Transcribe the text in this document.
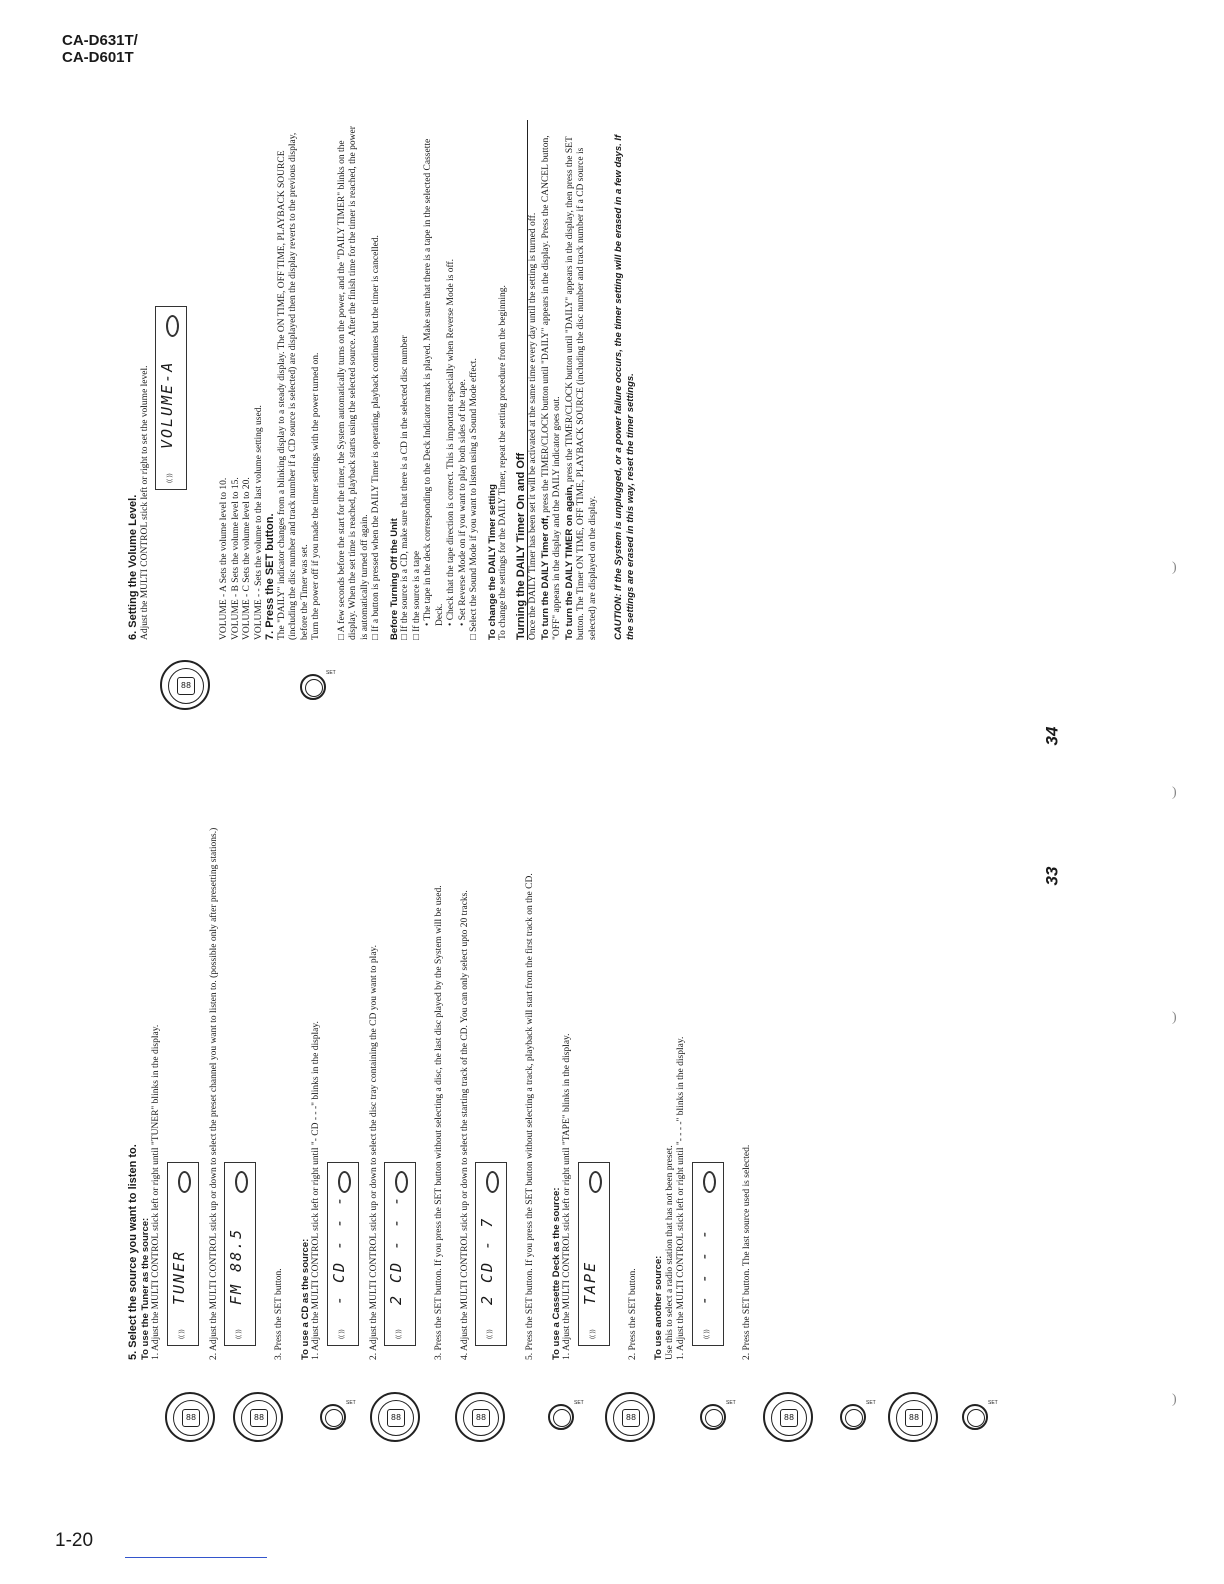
CA-D631T/
CA-D601T

5. Select the source you want to listen to. To use the Tuner as the source: 1. Adjust the MULTI CONTROL stick left or right until "TUNER" blinks in the display.	(( ))
TUNER 2. Adjust the MULTI CONTROL stick up or down to select the preset channel you want to listen to. (possible only after presetting stations.)	(( ))
FM 88.5

3. Press the SET button. To use a CD as the source: 1. Adjust the MULTI CONTROL stick left or right until "- CD - - -" blinks in the display.	(( ))
- CD - - - 2. Adjust the MULTI CONTROL stick up or down to select the disc tray containing the CD you want to play.	(( ))
2 CD - - -	3. Press the SET button. If you press the SET button without selecting a disc, the last disc played by the System will be used. 4. Adjust the MULTI CONTROL stick up or down to select the starting track of the CD. You can only select upto 20 tracks.	(( ))
2 CD - 7	5. Press the SET button. If you press the SET button without selecting a track, playback will start from the first track on the CD. To use a Cassette Deck as the source: 1. Adjust the MULTI CONTROL stick left or right until "TAPE" blinks in the display.	(( ))
TAPE	2. Press the SET button. To use another source: Use this to select a radio station that has not been preset. 1. Adjust the MULTI CONTROL stick left or right until "- - - -" blinks in the display.	(( ))
- - - -	2. Press the SET button. The last source used is selected.

6. Setting the Volume Level. Adjust the MULTI CONTROL stick left or right to set the volume level.	(( ))
VOLUME-A

VOLUME - A Sets the volume level to 10. VOLUME - B Sets the volume level to 15. VOLUME - C Sets the volume level to 20. VOLUME - - Sets the volume to the last volume setting used. 7. Press the SET button. The "DAILY" indicator changes from a blinking display to a steady display. The ON TIME, OFF TIME, PLAYBACK SOURCE (including the disc number and track number if a CD source is selected) are displayed then the display reverts to the previous display, before the Timer was set. Turn the power off if you made the timer settings with the power turned on. □ A few seconds before the start for the timer, the System automatically turns on the power, and the "DAILY TIMER" blinks on the display. When the set time is reached, playback starts using the selected source. After the finish time for the timer is reached, the power is automatically turned off again. □ If a button is pressed when the DAILY Timer is operating, playback continues but the timer is cancelled. Before Turning Off the Unit □ If the source is a CD, make sure that there is a CD in the selected disc number

□ If the source is a tape • The tape in the deck corresponding to the Deck Indicator mark is played. Make sure that there is a tape in the selected Cassette Deck. • Check that the tape direction is correct. This is important especially when Reverse Mode is off.

• Set Reverse Mode on if you want to play both sides of the tape.

□ Select the Sound Mode if you want to listen using a Sound Mode effect. To change the DAILY Timer setting To change the settings for the DAILY Timer, repeat the setting procedure from the beginning. Turning the DAILY Timer On and Off Once the DAILY Timer has been set it will be activated at the same time every day until the setting is turned off. To turn the DAILY Timer off, press the TIMER/CLOCK button until "DAILY" appears in the display. Press the CANCEL button, "OFF" appears in the display and the DAILY indicator goes out. To turn the DAILY TIMER on again, press the TIMER/CLOCK button until "DAILY" appears in the display, then press the SET button. The Timer ON TIME, OFF TIME, PLAYBACK SOURCE (including the disc number and track number if a CD source is selected) are displayed on the display. CAUTION: If the System is unplugged, or a power failure occurs, the timer setting will be erased in a few days. If the settings are erased in this way, reset the timer settings.

88	88
SET
88	88
SET
88
SET
88
SET
88
SET
88
SET
33
34
)
)
)
)
1-20
